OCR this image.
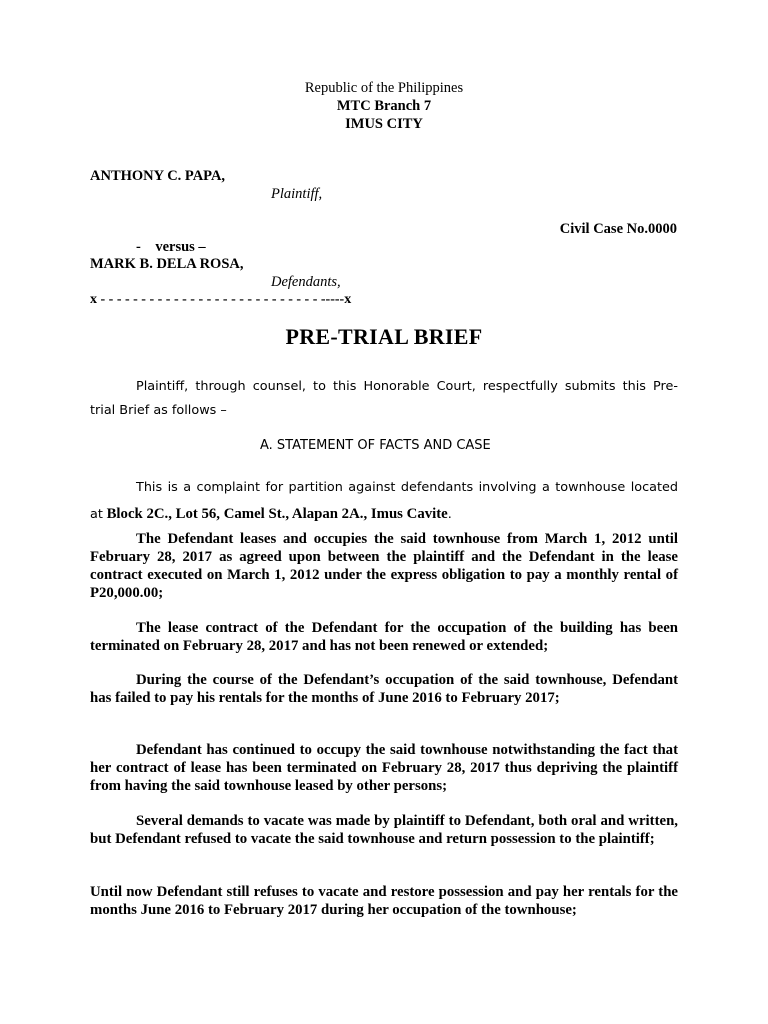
Republic of the Philippines
MTC Branch 7
IMUS CITY
ANTHONY C. PAPA,
Plaintiff,
Civil Case No.0000
-    versus –
MARK B. DELA ROSA,
Defendants,
x - - - - - - - - - - - - - - - - - - - - - - - - - - - -----x
PRE-TRIAL BRIEF
Plaintiff, through counsel, to this Honorable Court, respectfully submits this Pre-
trial Brief as follows –
A. STATEMENT OF FACTS AND CASE
This is a complaint for partition against defendants involving a townhouse located
at Block 2C., Lot 56, Camel St., Alapan 2A., Imus Cavite.
The Defendant leases and occupies the said townhouse from March 1, 2012 until February 28, 2017 as agreed upon between the plaintiff and the Defendant in the lease contract executed on March 1, 2012 under the express obligation to pay a monthly rental of P20,000.00;
The lease contract of the Defendant for the occupation of the building has been terminated on February 28, 2017 and has not been renewed or extended;
During the course of the Defendant’s occupation of the said townhouse, Defendant has failed to pay his rentals for the months of June 2016 to February 2017;
Defendant has continued to occupy the said townhouse notwithstanding the fact that her contract of lease has been terminated on February 28, 2017 thus depriving the plaintiff from having the said townhouse leased by other persons;
Several demands to vacate was made by plaintiff to Defendant, both oral and written, but Defendant refused to vacate the said townhouse and return possession to the plaintiff;
Until now Defendant still refuses to vacate and restore possession and pay her rentals for the months June 2016 to February 2017 during her occupation of the townhouse;
